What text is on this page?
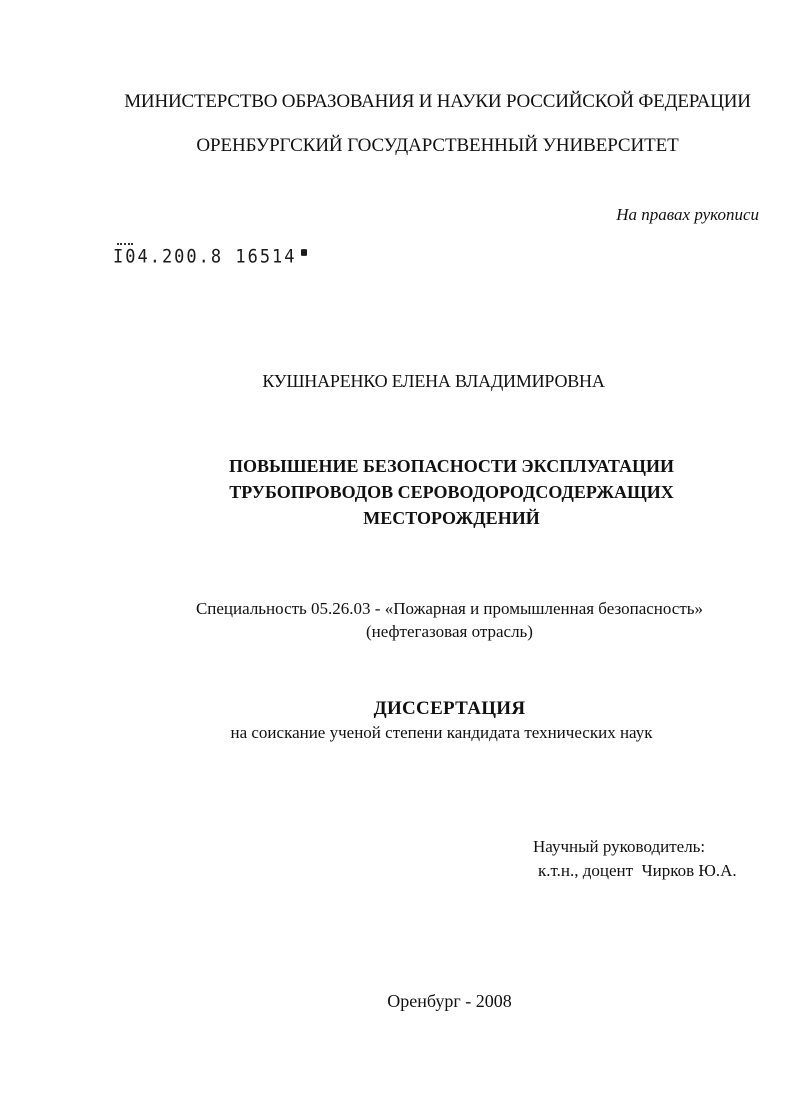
МИНИСТЕРСТВО ОБРАЗОВАНИЯ И НАУКИ РОССИЙСКОЙ ФЕДЕРАЦИИ
ОРЕНБУРГСКИЙ ГОСУДАРСТВЕННЫЙ УНИВЕРСИТЕТ
На правах рукописи
I04.200.8 16514
КУШНАРЕНКО ЕЛЕНА ВЛАДИМИРОВНА
ПОВЫШЕНИЕ БЕЗОПАСНОСТИ ЭКСПЛУАТАЦИИ
ТРУБОПРОВОДОВ СЕРОВОДОРОДСОДЕРЖАЩИХ
МЕСТОРОЖДЕНИЙ
Специальность 05.26.03 - «Пожарная и промышленная безопасность»
(нефтегазовая отрасль)
ДИССЕРТАЦИЯ
на соискание ученой степени кандидата технических наук
Научный руководитель:
к.т.н., доцент  Чирков Ю.А.
Оренбург - 2008
